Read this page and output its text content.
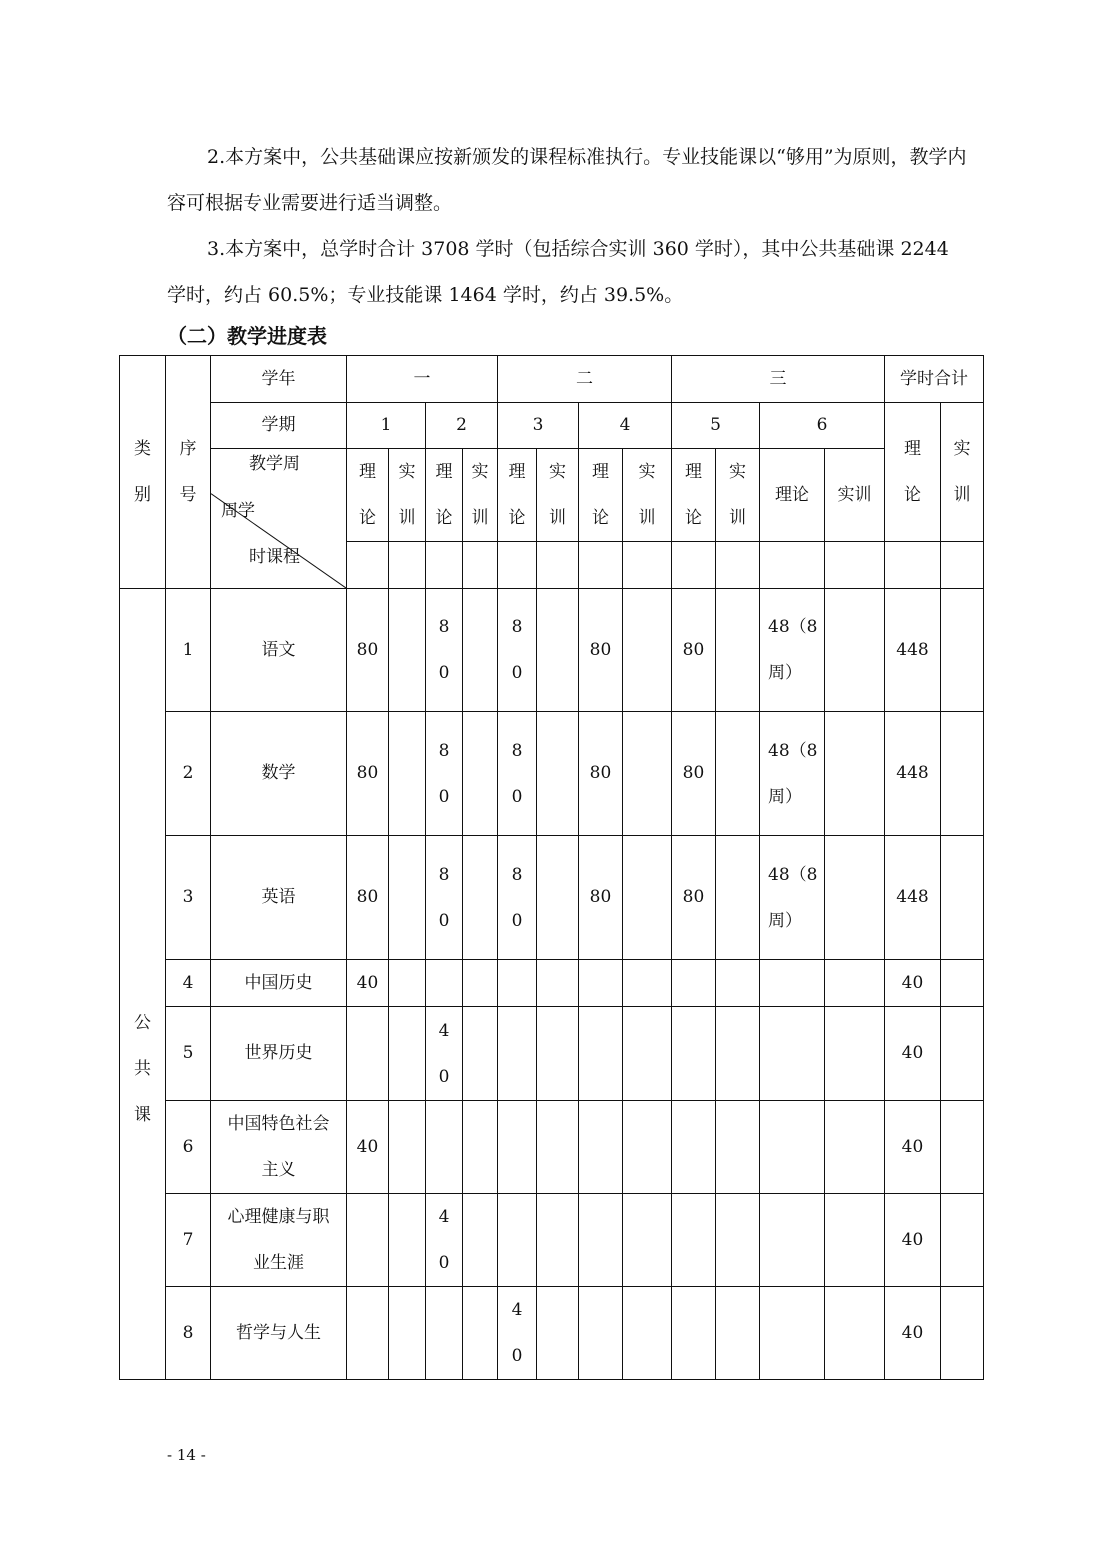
2.本方案中，公共基础课应按新颁发的课程标准执行。专业技能课以“够用”为原则，教学内容可根据专业需要进行适当调整。

3.本方案中，总学时合计 3708 学时（包括综合实训 360 学时），其中公共基础课 2244 学时，约占 60.5%；专业技能课 1464 学时，约占 39.5%。

（二）教学进度表
类别	序号	学年	一				二				三				学时合计	
		学期	1		2		3		4		5		6		理论	实训

		教学周
周学
时课程	理论	实训	理论	实训	理论	实训	理论	实训	理论	实训	理论	实训		

公共课	1	语文	80		80		80		80		80		48（8周）		448	
	2	数学	80		80		80		80		80		48（8周）		448	
	3	英语	80		80		80		80		80		48（8周）		448	
	4	中国历史	40												40	
	5	世界历史			40										40	
	6	中国特色社会主义	40												40	
	7	心理健康与职业生涯			40										40	
	8	哲学与人生					40								40	

- 14 -
